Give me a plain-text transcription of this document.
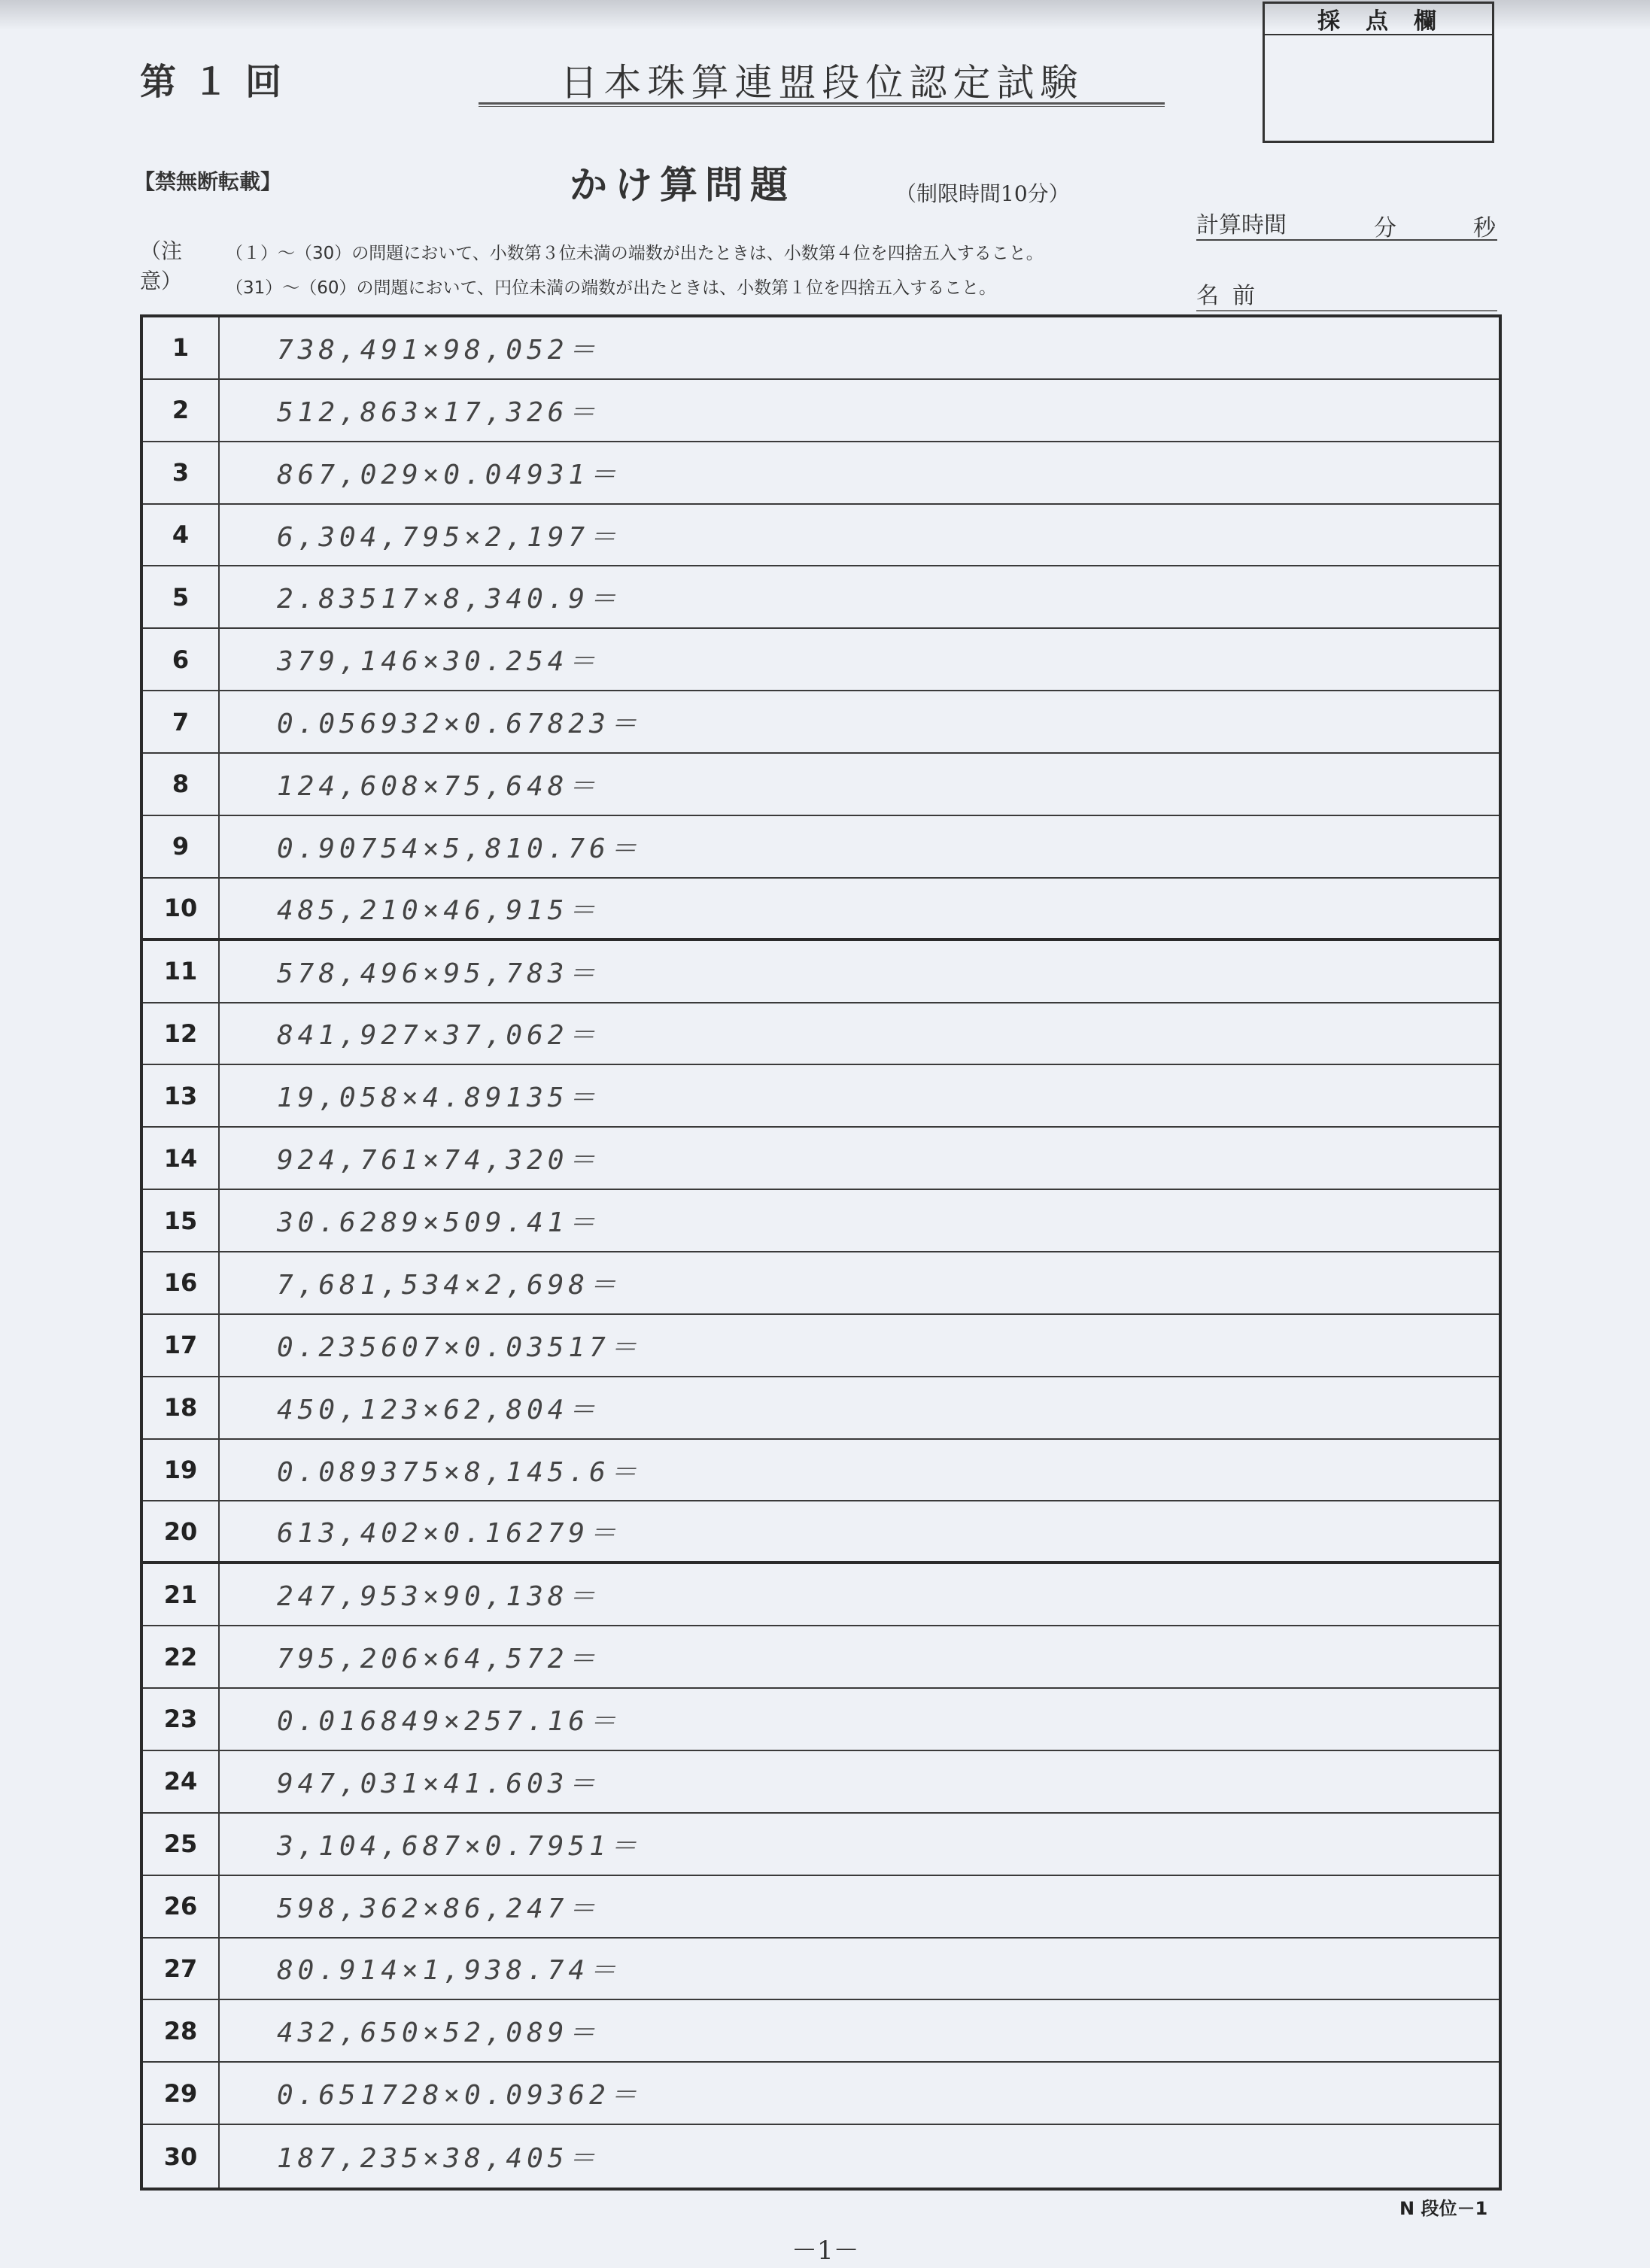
第１回	日本珠算連盟段位認定試験
採点欄
【禁無断転載】	かけ算問題	（制限時間10分）
計算時間	分	秒
名前
（注意）
（１）～（30）の問題において、小数第３位未満の端数が出たときは、小数第４位を四捨五入すること。
（31）～（60）の問題において、円位未満の端数が出たときは、小数第１位を四捨五入すること。
1	738,491×98,052＝
2	512,863×17,326＝
3	867,029×0.04931＝
4	6,304,795×2,197＝
5	2.83517×8,340.9＝
6	379,146×30.254＝
7	0.056932×0.67823＝
8	124,608×75,648＝
9	0.90754×5,810.76＝
10	485,210×46,915＝
11	578,496×95,783＝
12	841,927×37,062＝
13	19,058×4.89135＝
14	924,761×74,320＝
15	30.6289×509.41＝
16	7,681,534×2,698＝
17	0.235607×0.03517＝
18	450,123×62,804＝
19	0.089375×8,145.6＝
20	613,402×0.16279＝
21	247,953×90,138＝
22	795,206×64,572＝
23	0.016849×257.16＝
24	947,031×41.603＝
25	3,104,687×0.7951＝
26	598,362×86,247＝
27	80.914×1,938.74＝
28	432,650×52,089＝
29	0.651728×0.09362＝
30	187,235×38,405＝
N 段位－1
－1－
